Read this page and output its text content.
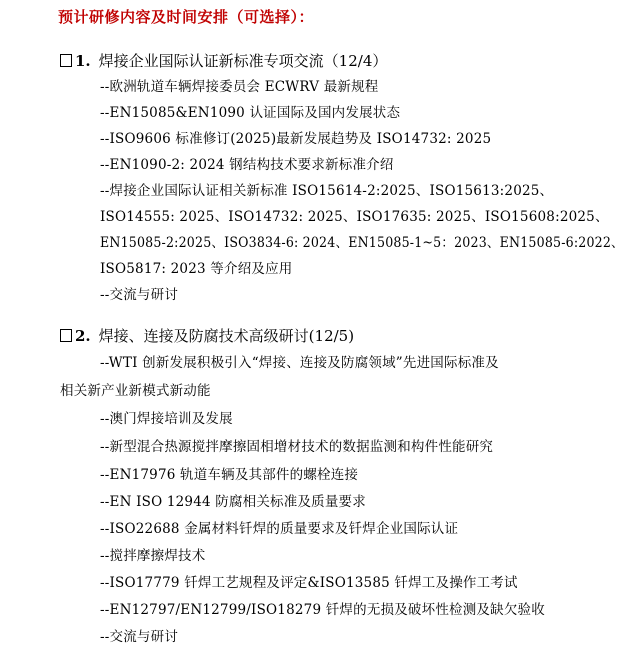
预计研修内容及时间安排（可选择）：
1. 焊接企业国际认证新标准专项交流（12/4）
--欧洲轨道车辆焊接委员会 ECWRV 最新规程
--EN15085&EN1090 认证国际及国内发展状态
--ISO9606 标准修订(2025)最新发展趋势及 ISO14732: 2025
--EN1090-2: 2024 钢结构技术要求新标准介绍
--焊接企业国际认证相关新标准 ISO15614-2:2025、ISO15613:2025、
ISO14555: 2025、ISO14732: 2025、ISO17635: 2025、ISO15608:2025、
EN15085-2:2025、ISO3834-6: 2024、EN15085-1~5：2023、EN15085-6:2022、
ISO5817: 2023 等介绍及应用
--交流与研讨
2. 焊接、连接及防腐技术高级研讨(12/5)
--WTI 创新发展积极引入“焊接、连接及防腐领域”先进国际标准及
相关新产业新模式新动能
--澳门焊接培训及发展
--新型混合热源搅拌摩擦固相增材技术的数据监测和构件性能研究
--EN17976 轨道车辆及其部件的螺栓连接
--EN ISO 12944 防腐相关标准及质量要求
--ISO22688 金属材料钎焊的质量要求及钎焊企业国际认证
--搅拌摩擦焊技术
--ISO17779 钎焊工艺规程及评定&ISO13585 钎焊工及操作工考试
--EN12797/EN12799/ISO18279 钎焊的无损及破坏性检测及缺欠验收
--交流与研讨
